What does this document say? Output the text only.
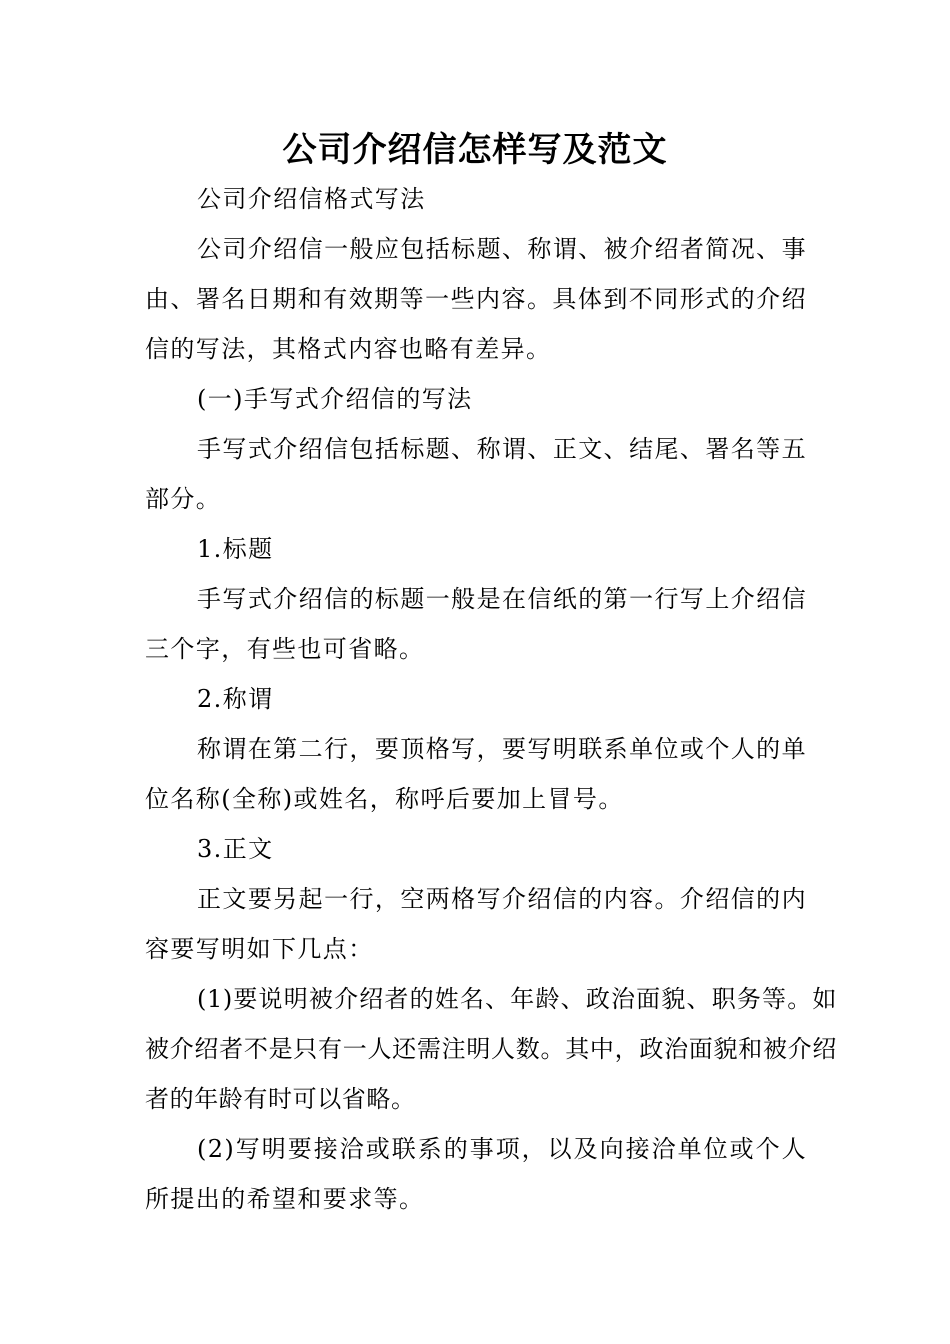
公司介绍信怎样写及范文

公司介绍信格式写法

公司介绍信一般应包括标题、称谓、被介绍者简况、事由、署名日期和有效期等一些内容。具体到不同形式的介绍信的写法，其格式内容也略有差异。

(一)手写式介绍信的写法

手写式介绍信包括标题、称谓、正文、结尾、署名等五部分。

1.标题

手写式介绍信的标题一般是在信纸的第一行写上介绍信三个字，有些也可省略。

2.称谓

称谓在第二行，要顶格写，要写明联系单位或个人的单位名称(全称)或姓名，称呼后要加上冒号。

3.正文

正文要另起一行，空两格写介绍信的内容。介绍信的内容要写明如下几点：

(1)要说明被介绍者的姓名、年龄、政治面貌、职务等。如被介绍者不是只有一人还需注明人数。其中，政治面貌和被介绍者的年龄有时可以省略。

(2)写明要接洽或联系的事项，以及向接洽单位或个人所提出的希望和要求等。
